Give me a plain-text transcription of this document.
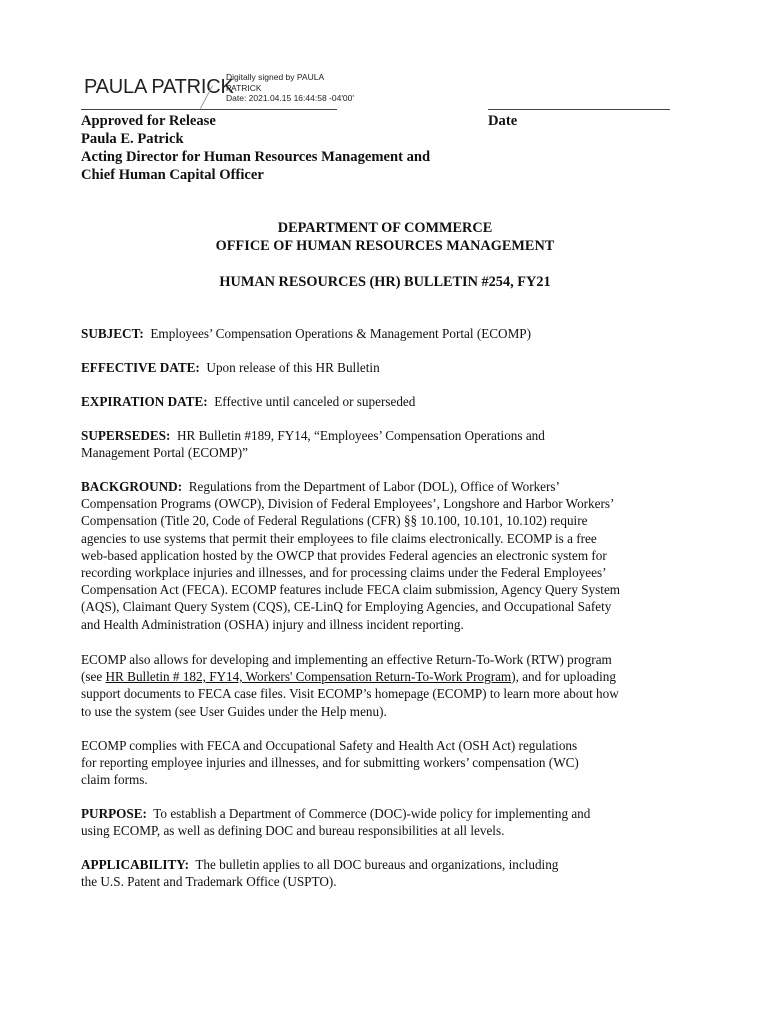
PAULA PATRICK
Digitally signed by PAULA
PATRICK
Date: 2021.04.15 16:44:58 -04'00'
Approved for Release
Paula E. Patrick
Acting Director for Human Resources Management and
Chief Human Capital Officer
Date
DEPARTMENT OF COMMERCE
OFFICE OF HUMAN RESOURCES MANAGEMENT
HUMAN RESOURCES (HR) BULLETIN #254, FY21
SUBJECT: Employees’ Compensation Operations & Management Portal (ECOMP)
EFFECTIVE DATE: Upon release of this HR Bulletin
EXPIRATION DATE: Effective until canceled or superseded
SUPERSEDES: HR Bulletin #189, FY14, “Employees’ Compensation Operations and
Management Portal (ECOMP)”
BACKGROUND: Regulations from the Department of Labor (DOL), Office of Workers’
Compensation Programs (OWCP), Division of Federal Employees’, Longshore and Harbor Workers’
Compensation (Title 20, Code of Federal Regulations (CFR) §§ 10.100, 10.101, 10.102) require
agencies to use systems that permit their employees to file claims electronically. ECOMP is a free
web-based application hosted by the OWCP that provides Federal agencies an electronic system for
recording workplace injuries and illnesses, and for processing claims under the Federal Employees’
Compensation Act (FECA). ECOMP features include FECA claim submission, Agency Query System
(AQS), Claimant Query System (CQS), CE-LinQ for Employing Agencies, and Occupational Safety
and Health Administration (OSHA) injury and illness incident reporting.
ECOMP also allows for developing and implementing an effective Return-To-Work (RTW) program
(see HR Bulletin # 182, FY14, Workers' Compensation Return-To-Work Program), and for uploading
support documents to FECA case files. Visit ECOMP’s homepage (ECOMP) to learn more about how
to use the system (see User Guides under the Help menu).
ECOMP complies with FECA and Occupational Safety and Health Act (OSH Act) regulations
for reporting employee injuries and illnesses, and for submitting workers’ compensation (WC)
claim forms.
PURPOSE: To establish a Department of Commerce (DOC)-wide policy for implementing and
using ECOMP, as well as defining DOC and bureau responsibilities at all levels.
APPLICABILITY: The bulletin applies to all DOC bureaus and organizations, including
the U.S. Patent and Trademark Office (USPTO).
